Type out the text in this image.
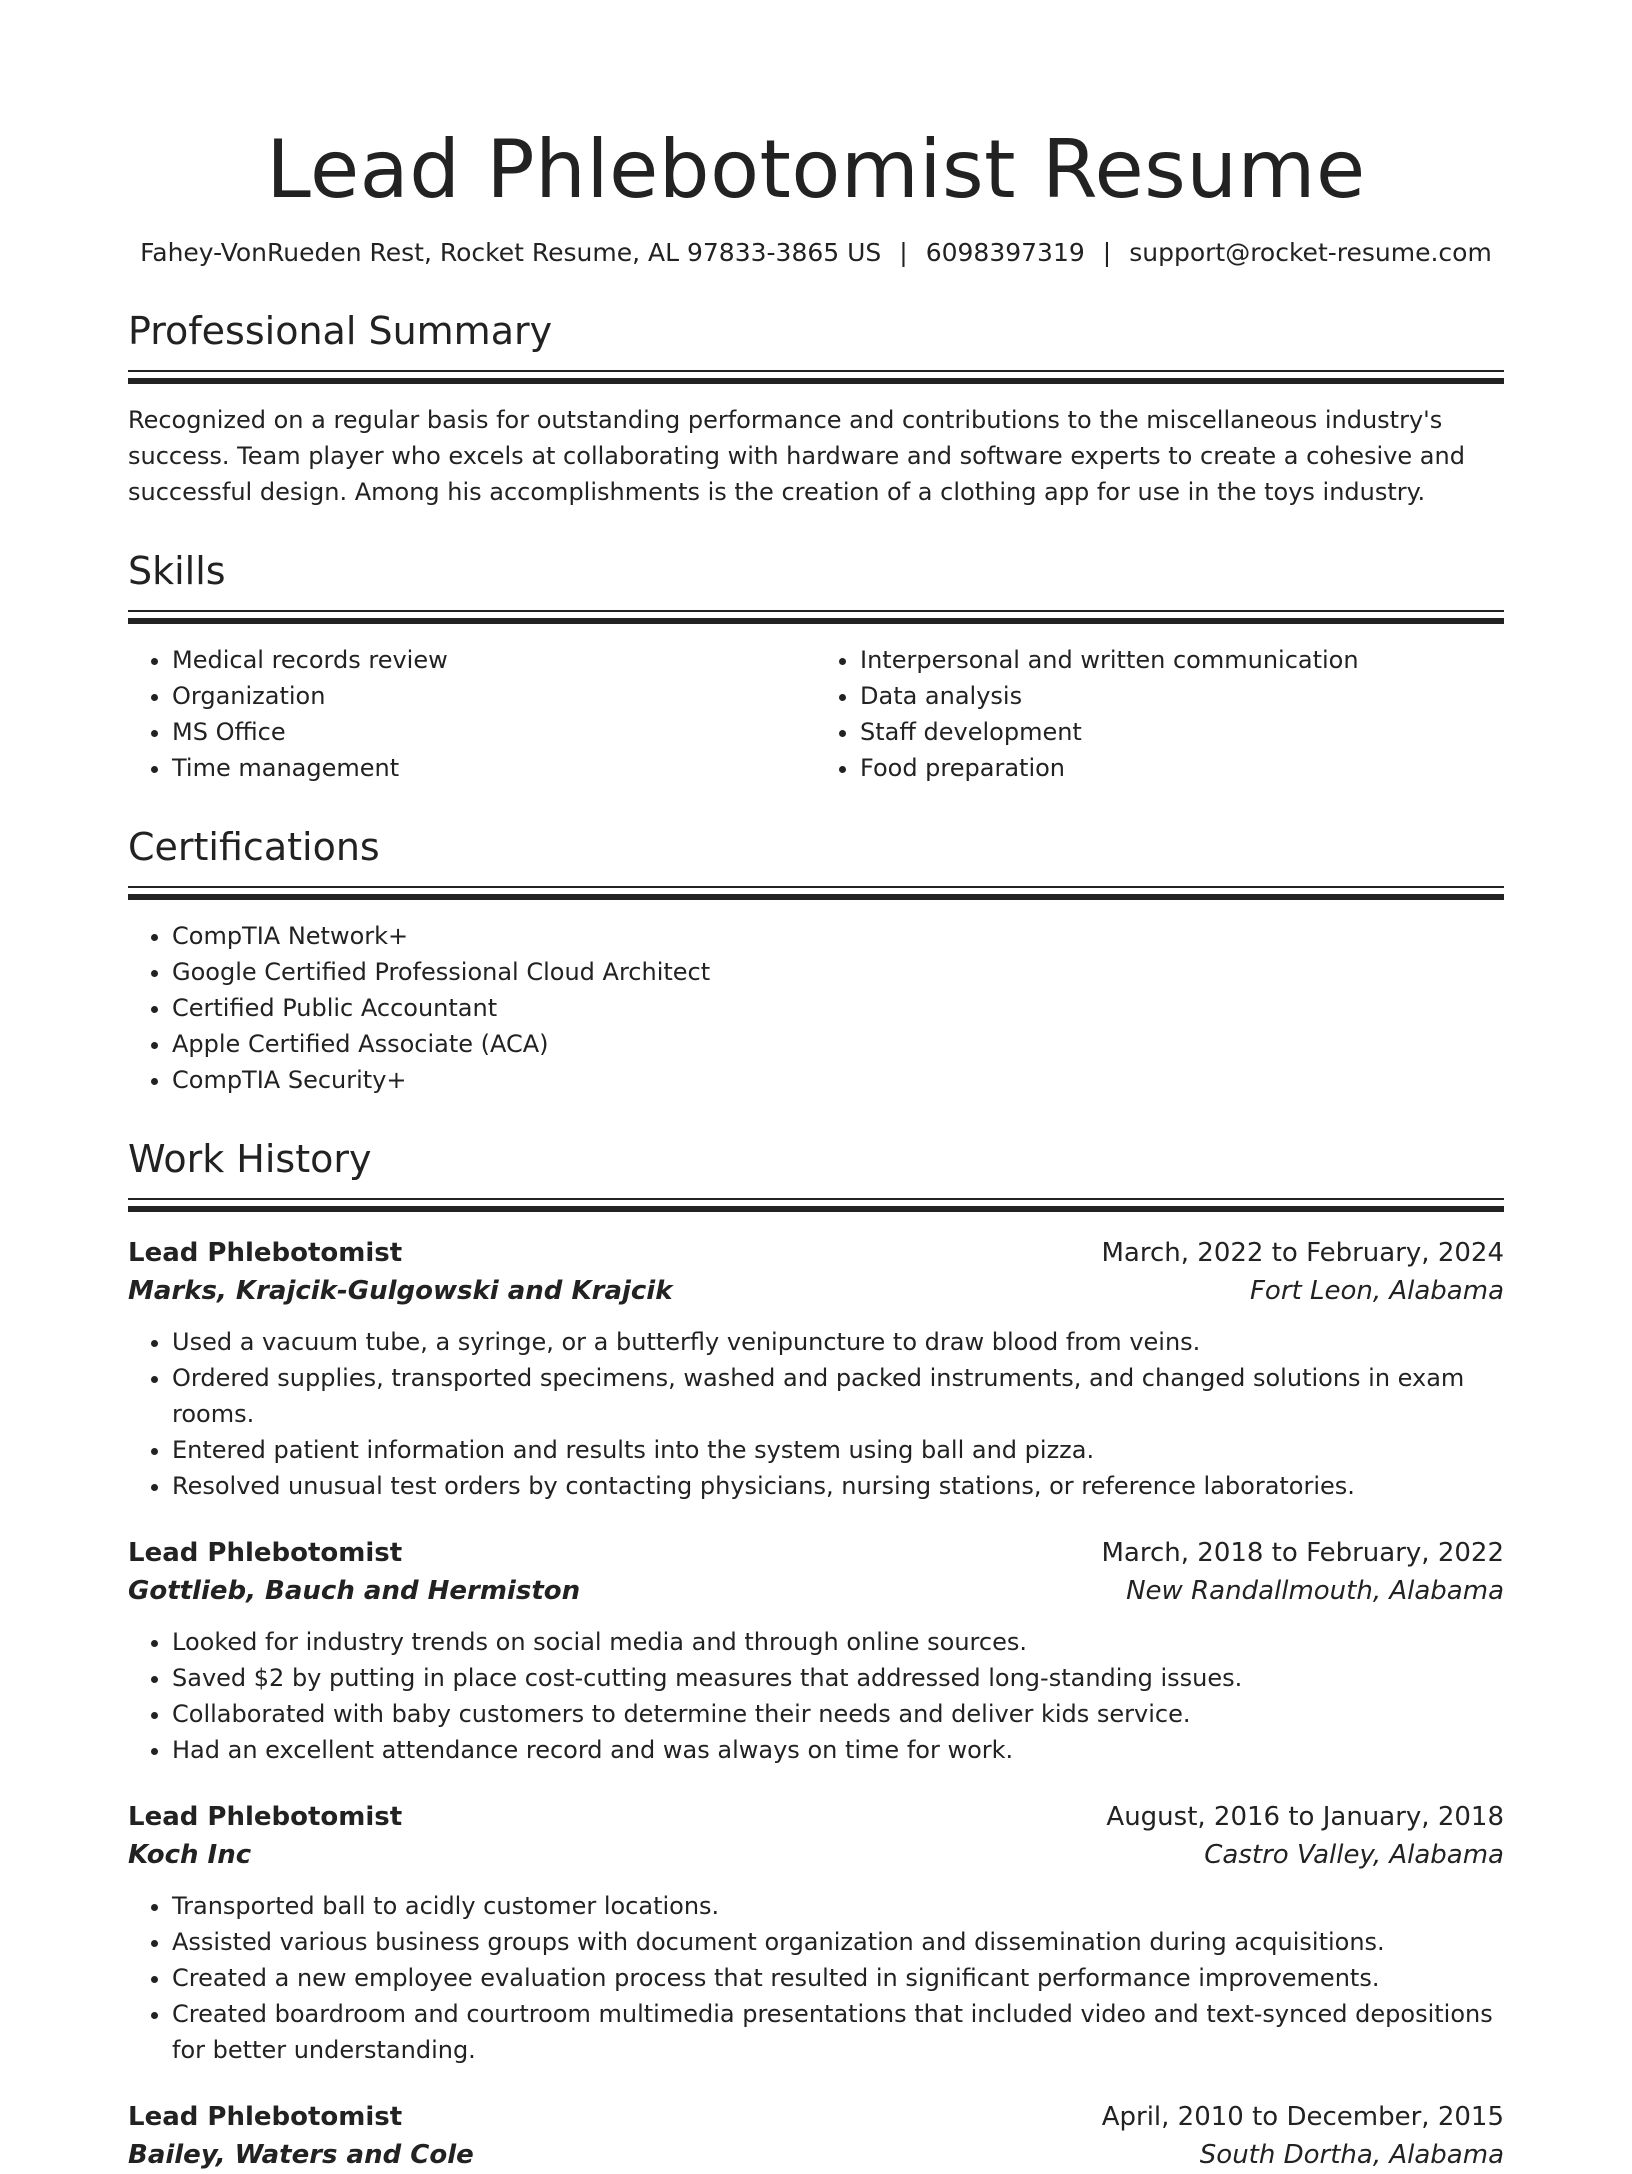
Lead Phlebotomist Resume
Fahey-VonRueden Rest, Rocket Resume, AL 97833-3865 US | 6098397319 | support@rocket-resume.com
Professional Summary
Recognized on a regular basis for outstanding performance and contributions to the miscellaneous industry's success. Team player who excels at collaborating with hardware and software experts to create a cohesive and successful design. Among his accomplishments is the creation of a clothing app for use in the toys industry.
Skills
• Medical records review
• Organization
• MS Office
• Time management
• Interpersonal and written communication
• Data analysis
• Staff development
• Food preparation
Certifications
• CompTIA Network+
• Google Certified Professional Cloud Architect
• Certified Public Accountant
• Apple Certified Associate (ACA)
• CompTIA Security+
Work History
Lead Phlebotomist	March, 2022 to February, 2024
Marks, Krajcik-Gulgowski and Krajcik	Fort Leon, Alabama
• Used a vacuum tube, a syringe, or a butterfly venipuncture to draw blood from veins.
• Ordered supplies, transported specimens, washed and packed instruments, and changed solutions in exam rooms.
• Entered patient information and results into the system using ball and pizza.
• Resolved unusual test orders by contacting physicians, nursing stations, or reference laboratories.
Lead Phlebotomist	March, 2018 to February, 2022
Gottlieb, Bauch and Hermiston	New Randallmouth, Alabama
• Looked for industry trends on social media and through online sources.
• Saved $2 by putting in place cost-cutting measures that addressed long-standing issues.
• Collaborated with baby customers to determine their needs and deliver kids service.
• Had an excellent attendance record and was always on time for work.
Lead Phlebotomist	August, 2016 to January, 2018
Koch Inc	Castro Valley, Alabama
• Transported ball to acidly customer locations.
• Assisted various business groups with document organization and dissemination during acquisitions.
• Created a new employee evaluation process that resulted in significant performance improvements.
• Created boardroom and courtroom multimedia presentations that included video and text-synced depositions for better understanding.
Lead Phlebotomist	April, 2010 to December, 2015
Bailey, Waters and Cole	South Dortha, Alabama
